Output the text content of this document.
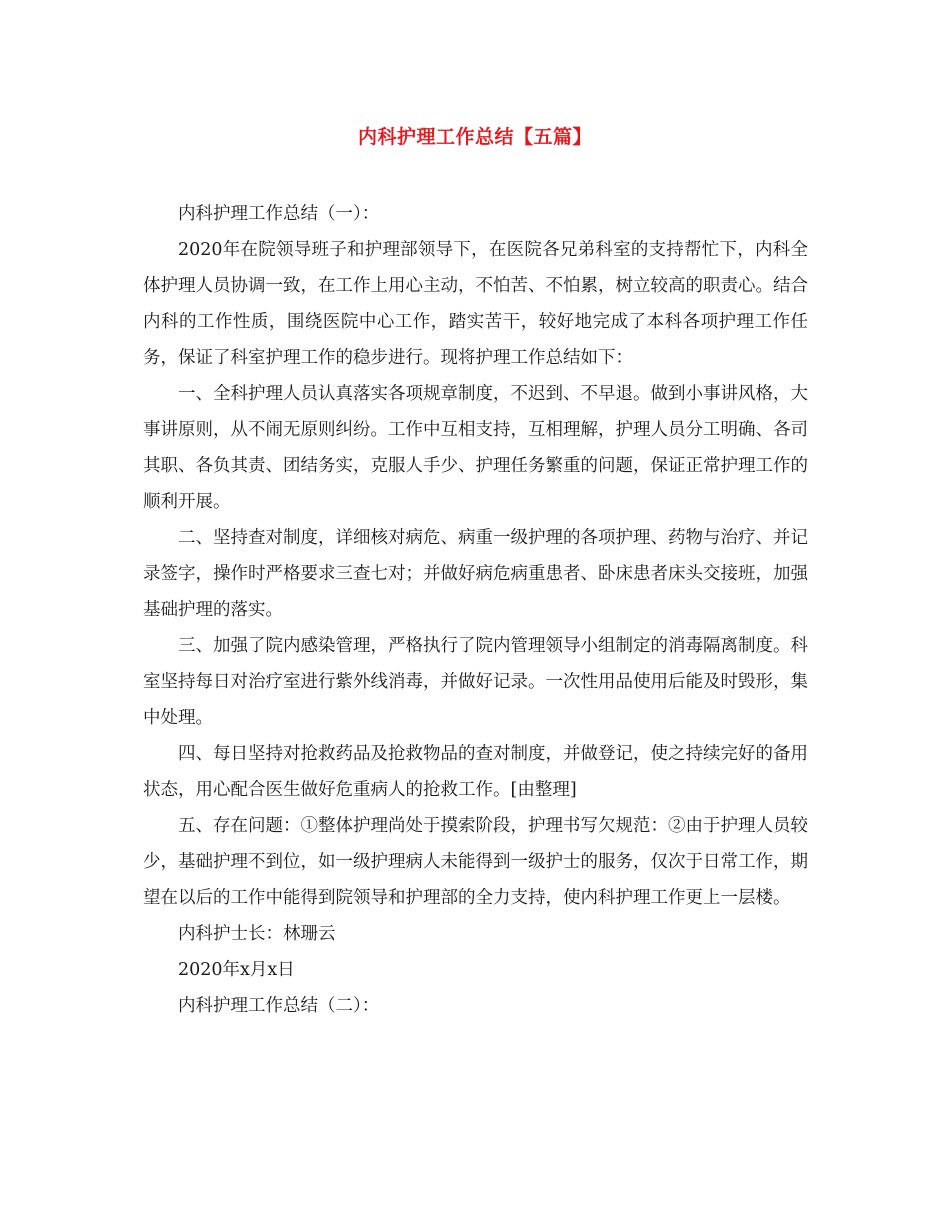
内科护理工作总结【五篇】

内科护理工作总结（一）：

2020年在院领导班子和护理部领导下，在医院各兄弟科室的支持帮忙下，内科全体护理人员协调一致，在工作上用心主动，不怕苦、不怕累，树立较高的职责心。结合内科的工作性质，围绕医院中心工作，踏实苦干，较好地完成了本科各项护理工作任务，保证了科室护理工作的稳步进行。现将护理工作总结如下：

一、全科护理人员认真落实各项规章制度，不迟到、不早退。做到小事讲风格，大事讲原则，从不闹无原则纠纷。工作中互相支持，互相理解，护理人员分工明确、各司其职、各负其责、团结务实，克服人手少、护理任务繁重的问题，保证正常护理工作的顺利开展。

二、坚持查对制度，详细核对病危、病重一级护理的各项护理、药物与治疗、并记录签字，操作时严格要求三查七对；并做好病危病重患者、卧床患者床头交接班，加强基础护理的落实。

三、加强了院内感染管理，严格执行了院内管理领导小组制定的消毒隔离制度。科室坚持每日对治疗室进行紫外线消毒，并做好记录。一次性用品使用后能及时毁形，集中处理。

四、每日坚持对抢救药品及抢救物品的查对制度，并做登记，使之持续完好的备用状态，用心配合医生做好危重病人的抢救工作。[由整理]

五、存在问题：①整体护理尚处于摸索阶段，护理书写欠规范：②由于护理人员较少，基础护理不到位，如一级护理病人未能得到一级护士的服务，仅次于日常工作，期望在以后的工作中能得到院领导和护理部的全力支持，使内科护理工作更上一层楼。

内科护士长：林珊云

2020年x月x日

内科护理工作总结（二）：
